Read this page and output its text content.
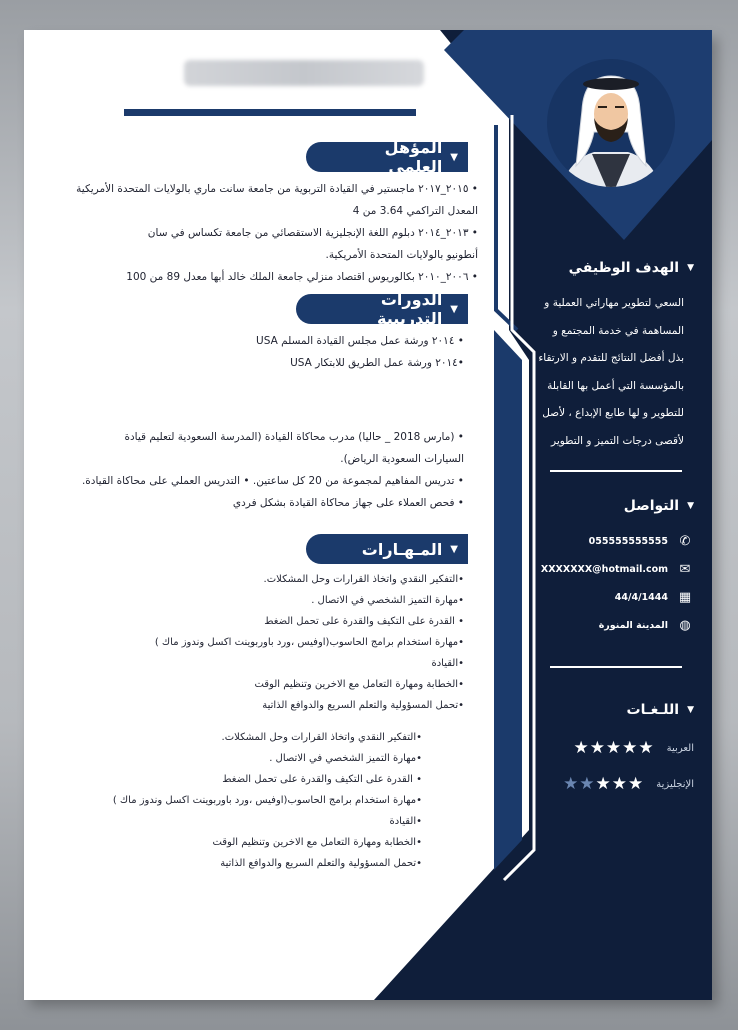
▼
المؤهل العلمي

• ٢٠١٥_٢٠١٧ ماجستير في القيادة التربوية من جامعة سانت ماري بالولايات المتحدة الأمريكية

المعدل التراكمي 3.64 من 4

• ٢٠١٣_٢٠١٤ دبلوم اللغة الإنجليزية الاستقصائي من جامعة تكساس في سان

أنطونيو بالولايات المتحدة الأمريكية.

• ٢٠٠٦_٢٠١٠ بكالوريوس اقتصاد منزلي جامعة الملك خالد أبها معدل 89 من 100

▼
الدورات التدريبية

• ٢٠١٤ ورشة عمل مجلس القيادة المسلم USA

•٢٠١٤ ورشة عمل الطريق للابتكار USA

• (مارس 2018 _ حاليا) مدرب محاكاة القيادة (المدرسة السعودية لتعليم قيادة

السيارات السعودية الرياض).

• تدريس المفاهيم لمجموعة من 20 كل ساعتين. • التدريس العملي على محاكاة القيادة.

• فحص العملاء على جهاز محاكاة القيادة بشكل فردي

▼
المـهـارات

•التفكير النقدي واتخاذ القرارات وحل المشكلات.

•مهارة التميز الشخصي في الاتصال .

• القدرة على التكيف والقدرة على تحمل الضغط

•مهارة استخدام برامج الحاسوب(اوفيس ،ورد باوربوينت اكسل وندوز ماك )

•القيادة

•الخطابة ومهارة التعامل مع الاخرين وتنظيم الوقت

•تحمل المسؤولية والتعلم السريع والدوافع الذاتية

•التفكير النقدي واتخاذ القرارات وحل المشكلات.

•مهارة التميز الشخصي في الاتصال .

• القدرة على التكيف والقدرة على تحمل الضغط

•مهارة استخدام برامج الحاسوب(اوفيس ،ورد باوربوينت اكسل وندوز ماك )

•القيادة

•الخطابة ومهارة التعامل مع الاخرين وتنظيم الوقت

•تحمل المسؤولية والتعلم السريع والدوافع الذاتية

▼
الهدف الوظيفي

السعي لتطوير مهاراتي العملية و

المساهمة في خدمة المجتمع و

بذل أفضل النتائج للتقدم و الارتقاء

بالمؤسسة التي أعمل بها القابلة

للتطوير و لها طابع الإبداع ، لأصل

لأقصى درجات التميز و التطوير

▼
التواصل
✆
055555555555
✉
XXXXXXX@hotmail.com
▦
44/4/1444
◍
المدينة المنورة
▼
اللـغـات
العربية
★★★★★
الإنجليزية
★★★★★
